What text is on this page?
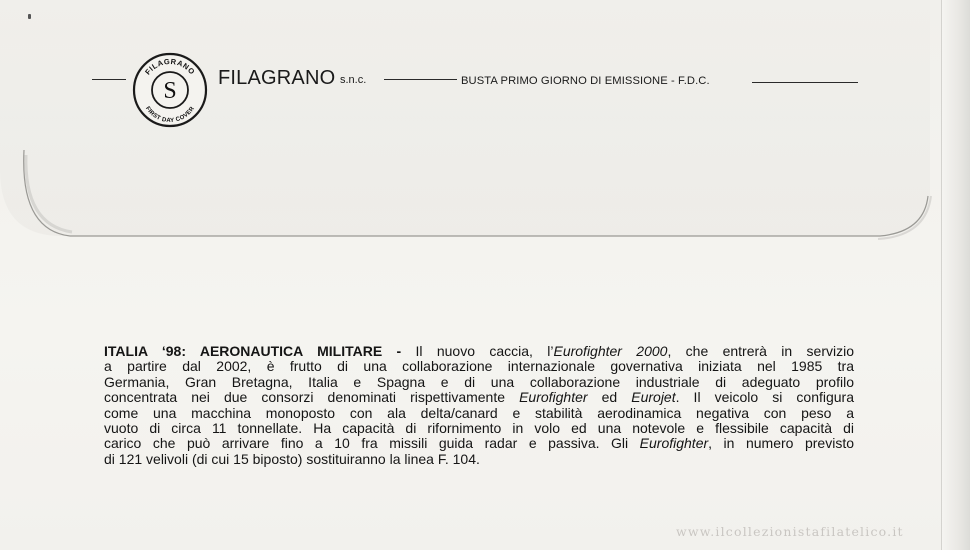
S
FILAGRANO
FIRST DAY COVER
FILAGRANO s.n.c.	BUSTA PRIMO GIORNO DI EMISSIONE - F.D.C.
ITALIA ‘98: AERONAUTICA MILITARE - Il nuovo caccia, l’Eurofighter 2000, che entrerà in servizio
a partire dal 2002, è frutto di una collaborazione internazionale governativa iniziata nel 1985 tra
Germania, Gran Bretagna, Italia e Spagna e di una collaborazione industriale di adeguato profilo
concentrata nei due consorzi denominati rispettivamente Eurofighter ed Eurojet. Il veicolo si configura
come una macchina monoposto con ala delta/canard e stabilità aerodinamica negativa con peso a
vuoto di circa 11 tonnellate. Ha capacità di rifornimento in volo ed una notevole e flessibile capacità di
carico che può arrivare fino a 10 fra missili guida radar e passiva. Gli Eurofighter, in numero previsto
di 121 velivoli (di cui 15 biposto) sostituiranno la linea F. 104.
www.ilcollezionistafilatelico.it
